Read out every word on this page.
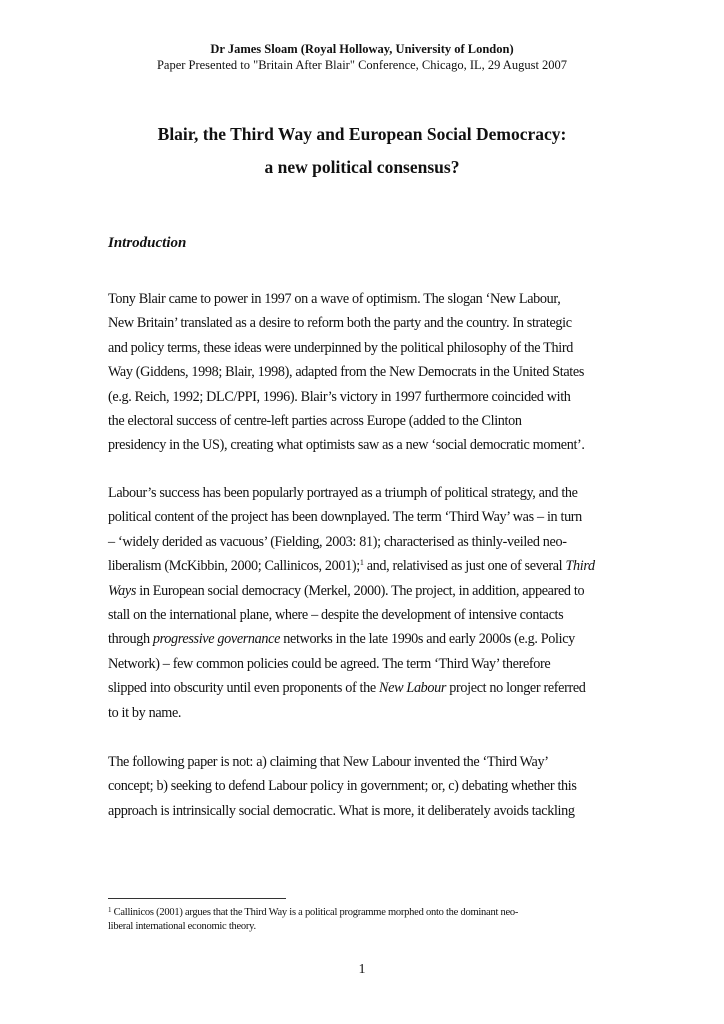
Dr James Sloam (Royal Holloway, University of London)
Paper Presented to "Britain After Blair" Conference, Chicago, IL, 29 August 2007
Blair, the Third Way and European Social Democracy:
a new political consensus?
Introduction
Tony Blair came to power in 1997 on a wave of optimism. The slogan ‘New Labour,
New Britain’ translated as a desire to reform both the party and the country. In strategic
and policy terms, these ideas were underpinned by the political philosophy of the Third
Way (Giddens, 1998; Blair, 1998), adapted from the New Democrats in the United States
(e.g. Reich, 1992; DLC/PPI, 1996). Blair’s victory in 1997 furthermore coincided with
the electoral success of centre-left parties across Europe (added to the Clinton
presidency in the US), creating what optimists saw as a new ‘social democratic moment’.
Labour’s success has been popularly portrayed as a triumph of political strategy, and the
political content of the project has been downplayed. The term ‘Third Way’ was – in turn
– ‘widely derided as vacuous’ (Fielding, 2003: 81); characterised as thinly-veiled neo-
liberalism (McKibbin, 2000; Callinicos, 2001);$^1$ and, relativised as just one of several Third
Ways in European social democracy (Merkel, 2000). The project, in addition, appeared to
stall on the international plane, where – despite the development of intensive contacts
through progressive governance networks in the late 1990s and early 2000s (e.g. Policy
Network) – few common policies could be agreed. The term ‘Third Way’ therefore
slipped into obscurity until even proponents of the New Labour project no longer referred
to it by name.
The following paper is not: a) claiming that New Labour invented the ‘Third Way’
concept; b) seeking to defend Labour policy in government; or, c) debating whether this
approach is intrinsically social democratic. What is more, it deliberately avoids tackling
$^1$ Callinicos (2001) argues that the Third Way is a political programme morphed onto the dominant neo-
liberal international economic theory.
1
